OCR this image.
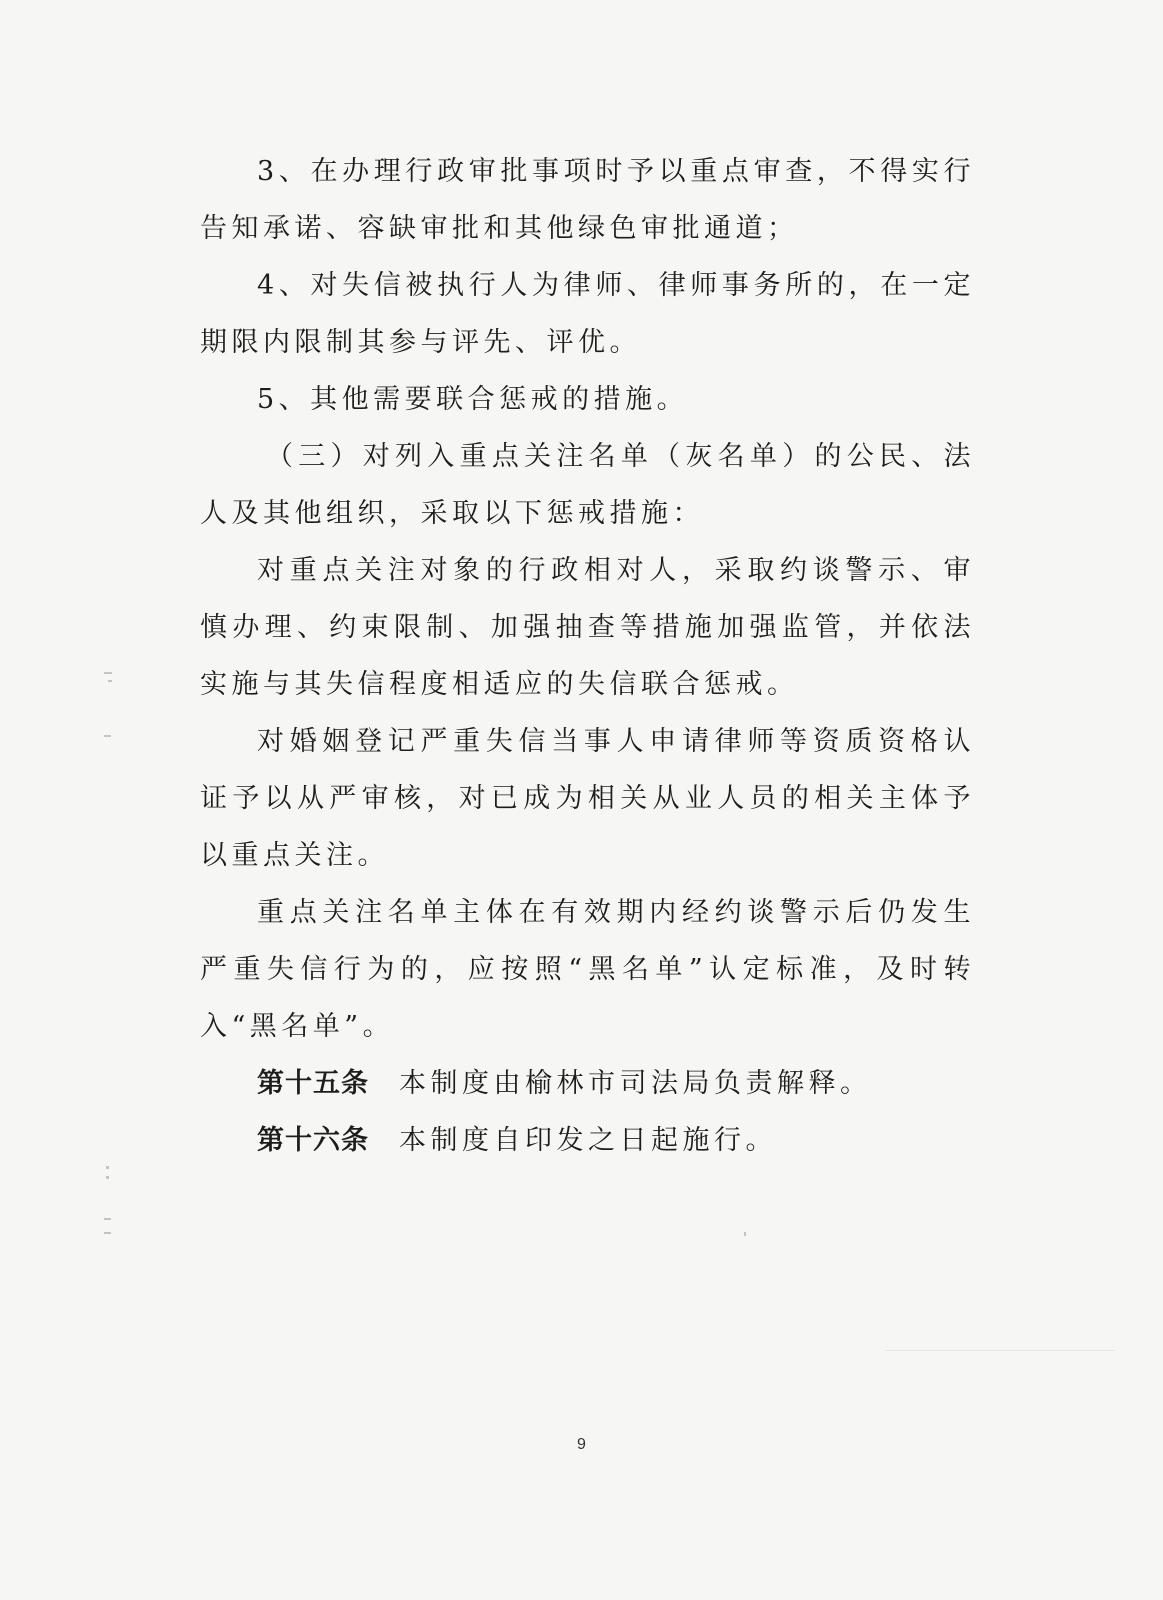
3、在办理行政审批事项时予以重点审查，不得实行告知承诺、容缺审批和其他绿色审批通道；

4、对失信被执行人为律师、律师事务所的，在一定期限内限制其参与评先、评优。

5、其他需要联合惩戒的措施。

（三）对列入重点关注名单（灰名单）的公民、法人及其他组织，采取以下惩戒措施：

对重点关注对象的行政相对人，采取约谈警示、审慎办理、约束限制、加强抽查等措施加强监管，并依法实施与其失信程度相适应的失信联合惩戒。

对婚姻登记严重失信当事人申请律师等资质资格认证予以从严审核，对已成为相关从业人员的相关主体予以重点关注。

重点关注名单主体在有效期内经约谈警示后仍发生严重失信行为的，应按照“黑名单”认定标准，及时转入“黑名单”。

第十五条 本制度由榆林市司法局负责解释。

第十六条 本制度自印发之日起施行。

9
